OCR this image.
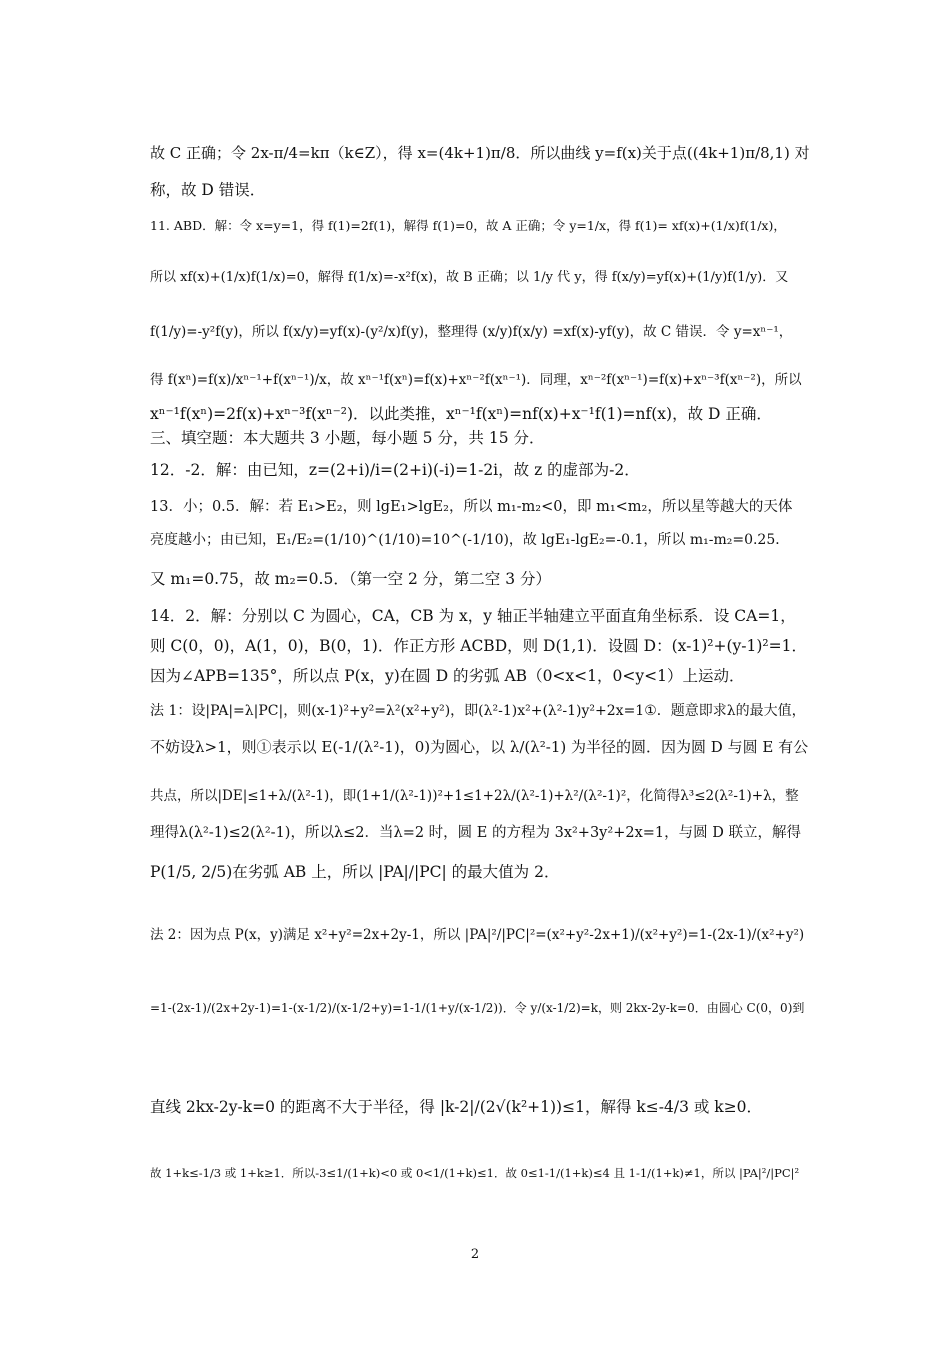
故 C 正确；令 2x-π/4=kπ（k∈Z），得 x=(4k+1)π/8．所以曲线 y=f(x)关于点((4k+1)π/8,1) 对
称，故 D 错误．
11. ABD．解：令 x=y=1，得 f(1)=2f(1)，解得 f(1)=0，故 A 正确；令 y=1/x，得 f(1)= xf(x)+(1/x)f(1/x)，
所以 xf(x)+(1/x)f(1/x)=0，解得 f(1/x)=-x²f(x)，故 B 正确；以 1/y 代 y，得 f(x/y)=yf(x)+(1/y)f(1/y)．又
f(1/y)=-y²f(y)，所以 f(x/y)=yf(x)-(y²/x)f(y)，整理得 (x/y)f(x/y) =xf(x)-yf(y)，故 C 错误．令 y=xⁿ⁻¹，
得 f(xⁿ)=f(x)/xⁿ⁻¹+f(xⁿ⁻¹)/x，故 xⁿ⁻¹f(xⁿ)=f(x)+xⁿ⁻²f(xⁿ⁻¹)．同理，xⁿ⁻²f(xⁿ⁻¹)=f(x)+xⁿ⁻³f(xⁿ⁻²)，所以
xⁿ⁻¹f(xⁿ)=2f(x)+xⁿ⁻³f(xⁿ⁻²)．以此类推，xⁿ⁻¹f(xⁿ)=nf(x)+x⁻¹f(1)=nf(x)，故 D 正确．
三、填空题：本大题共 3 小题，每小题 5 分，共 15 分．
12．-2．解：由已知，z=(2+i)/i=(2+i)(-i)=1-2i，故 z 的虚部为-2．
13．小；0.5．解：若 E₁>E₂，则 lgE₁>lgE₂，所以 m₁-m₂<0，即 m₁<m₂，所以星等越大的天体
亮度越小；由已知，E₁/E₂=(1/10)^(1/10)=10^(-1/10)，故 lgE₁-lgE₂=-0.1，所以 m₁-m₂=0.25．
又 m₁=0.75，故 m₂=0.5．（第一空 2 分，第二空 3 分）
14．2．解：分别以 C 为圆心，CA，CB 为 x，y 轴正半轴建立平面直角坐标系．设 CA=1，
则 C(0，0)，A(1，0)，B(0，1)．作正方形 ACBD，则 D(1,1)．设圆 D：(x-1)²+(y-1)²=1．
因为∠APB=135°，所以点 P(x，y)在圆 D 的劣弧 AB（0<x<1，0<y<1）上运动．
法 1：设|PA|=λ|PC|，则(x-1)²+y²=λ²(x²+y²)，即(λ²-1)x²+(λ²-1)y²+2x=1①．题意即求λ的最大值，
不妨设λ>1，则①表示以 E(-1/(λ²-1)，0)为圆心，以 λ/(λ²-1) 为半径的圆．因为圆 D 与圆 E 有公
共点，所以|DE|≤1+λ/(λ²-1)，即(1+1/(λ²-1))²+1≤1+2λ/(λ²-1)+λ²/(λ²-1)²，化简得λ³≤2(λ²-1)+λ，整
理得λ(λ²-1)≤2(λ²-1)，所以λ≤2．当λ=2 时，圆 E 的方程为 3x²+3y²+2x=1，与圆 D 联立，解得
P(1/5, 2/5)在劣弧 AB 上，所以 |PA|/|PC| 的最大值为 2．
法 2：因为点 P(x，y)满足 x²+y²=2x+2y-1，所以 |PA|²/|PC|²=(x²+y²-2x+1)/(x²+y²)=1-(2x-1)/(x²+y²)
=1-(2x-1)/(2x+2y-1)=1-(x-1/2)/(x-1/2+y)=1-1/(1+y/(x-1/2))．令 y/(x-1/2)=k，则 2kx-2y-k=0．由圆心 C(0，0)到
直线 2kx-2y-k=0 的距离不大于半径，得 |k-2|/(2√(k²+1))≤1，解得 k≤-4/3 或 k≥0．
故 1+k≤-1/3 或 1+k≥1．所以-3≤1/(1+k)<0 或 0<1/(1+k)≤1．故 0≤1-1/(1+k)≤4 且 1-1/(1+k)≠1，所以 |PA|²/|PC|²
2
